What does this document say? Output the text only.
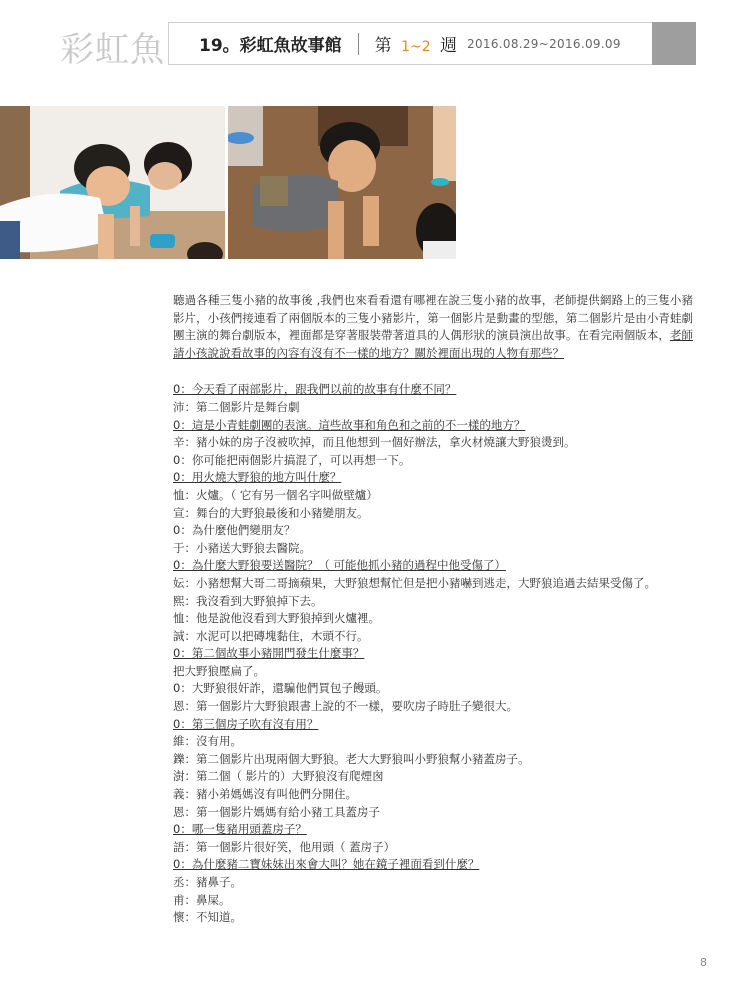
彩虹魚 19。彩虹魚故事館 第 1~2 週 2016.08.29~2016.09.09

聽過各種三隻小豬的故事後 ,我們也來看看還有哪裡在說三隻小豬的故事，老師提供網路上的三隻小豬影片，小孩們接連看了兩個版本的三隻小豬影片，第一個影片是動畫的型態，第二個影片是由小青蛙劇團主演的舞台劇版本，裡面都是穿著服裝帶著道具的人偶形狀的演員演出故事。在看完兩個版本，老師請小孩說說看故事的內容有沒有不一樣的地方？關於裡面出現的人物有那些？

0：今天看了兩部影片，跟我們以前的故事有什麼不同？
沛：第二個影片是舞台劇
0：這是小青蛙劇團的表演。這些故事和角色和之前的不一樣的地方？
辛：豬小妹的房子沒被吹掉，而且他想到一個好辦法，拿火材燒讓大野狼燙到。
0：你可能把兩個影片搞混了，可以再想一下。
0：用火燒大野狼的地方叫什麼？
恤：火爐。（ 它有另一個名字叫做壁爐）
宣：舞台的大野狼最後和小豬變朋友。
0：為什麼他們變朋友？
于：小豬送大野狼去醫院。
0：為什麼大野狼要送醫院？（ 可能他抓小豬的過程中他受傷了）
妘：小豬想幫大哥二哥摘蘋果，大野狼想幫忙但是把小豬嚇到逃走，大野狼追過去結果受傷了。
熙：我沒看到大野狼掉下去。
恤：他是說他沒看到大野狼掉到火爐裡。
誠：水泥可以把磚塊黏住，木頭不行。
0：第二個故事小豬開門發生什麼事？
把大野狼壓扁了。
0：大野狼很奸詐，還騙他們買包子饅頭。
恩：第一個影片大野狼跟書上說的不一樣，要吹房子時肚子變很大。
0：第三個房子吹有沒有用？
維：沒有用。
鑠：第二個影片出現兩個大野狼。老大大野狼叫小野狼幫小豬蓋房子。
澍：第二個（ 影片的）大野狼沒有爬煙囪
義：豬小弟媽媽沒有叫他們分開住。
恩：第一個影片媽媽有給小豬工具蓋房子
0：哪一隻豬用頭蓋房子？
語：第一個影片很好笑，他用頭（ 蓋房子）
0：為什麼豬二寶妹妹出來會大叫？她在鏡子裡面看到什麼？
丞：豬鼻子。
甫：鼻屎。
懷：不知道。
8
